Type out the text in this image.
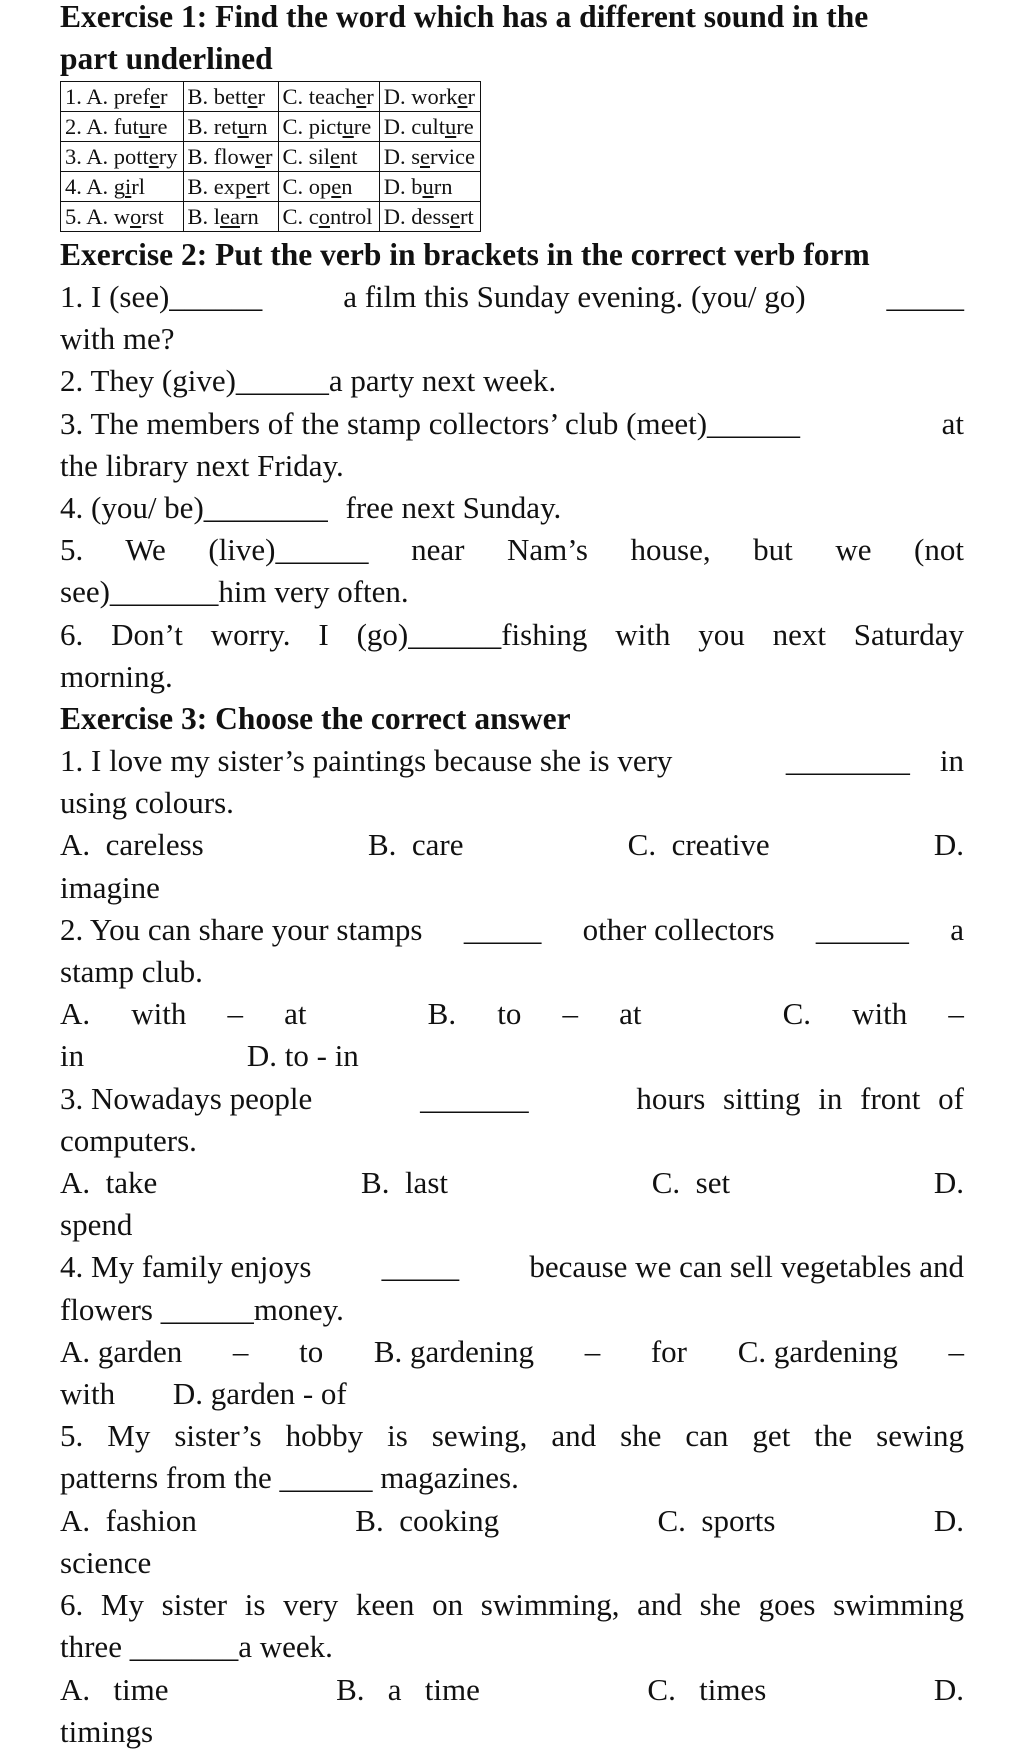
Exercise 1: Find the word which has a different sound in the

part underlined

1. A. prefer	B. better	C. teacher	D. worker
2. A. future	B. return	C. picture	D. culture
3. A. pottery	B. flower	C. silent	D. service
4. A. girl	B. expert	C. open	D. burn
5. A. worst	B. learn	C. control	D. dessert

Exercise 2: Put the verb in brackets in the correct verb form

1. I (see)______	a film this Sunday evening. (you/ go)	_____

with me?

2. They (give)______a party next week.

3. The members of the stamp collectors’ club (meet)______	at

the library next Friday.

4. (you/ be)________ free next Sunday.

5. We (live)______ near Nam’s house, but we (not

see)_______him very often.

6. Don’t worry. I (go)______fishing with you next Saturday

morning.

Exercise 3: Choose the correct answer

1. I love my sister’s paintings because she is very	________ in

using colours.

A.  careless	B.  care	C.  creative	D.

imagine

2. You can share your stamps _____ other collectors ______ a

stamp club.

A. with – at	B. to – at	C. with –

in	D. to - in

3. Nowadays people	_______	hours sitting in front of

computers.

A.  take	B.  last	C.  set	D.

spend

4. My family enjoys _____ because we can sell vegetables and

flowers ______money.

A. garden – to B. gardening – for C. gardening –

with D. garden - of

5. My sister’s hobby is sewing, and she can get the sewing

patterns from the ______ magazines.

A.  fashion	B.  cooking	C.  sports	D.

science

6. My sister is very keen on swimming, and she goes swimming

three _______a week.

A.   time	B.   a   time	C.   times	D.

timings
